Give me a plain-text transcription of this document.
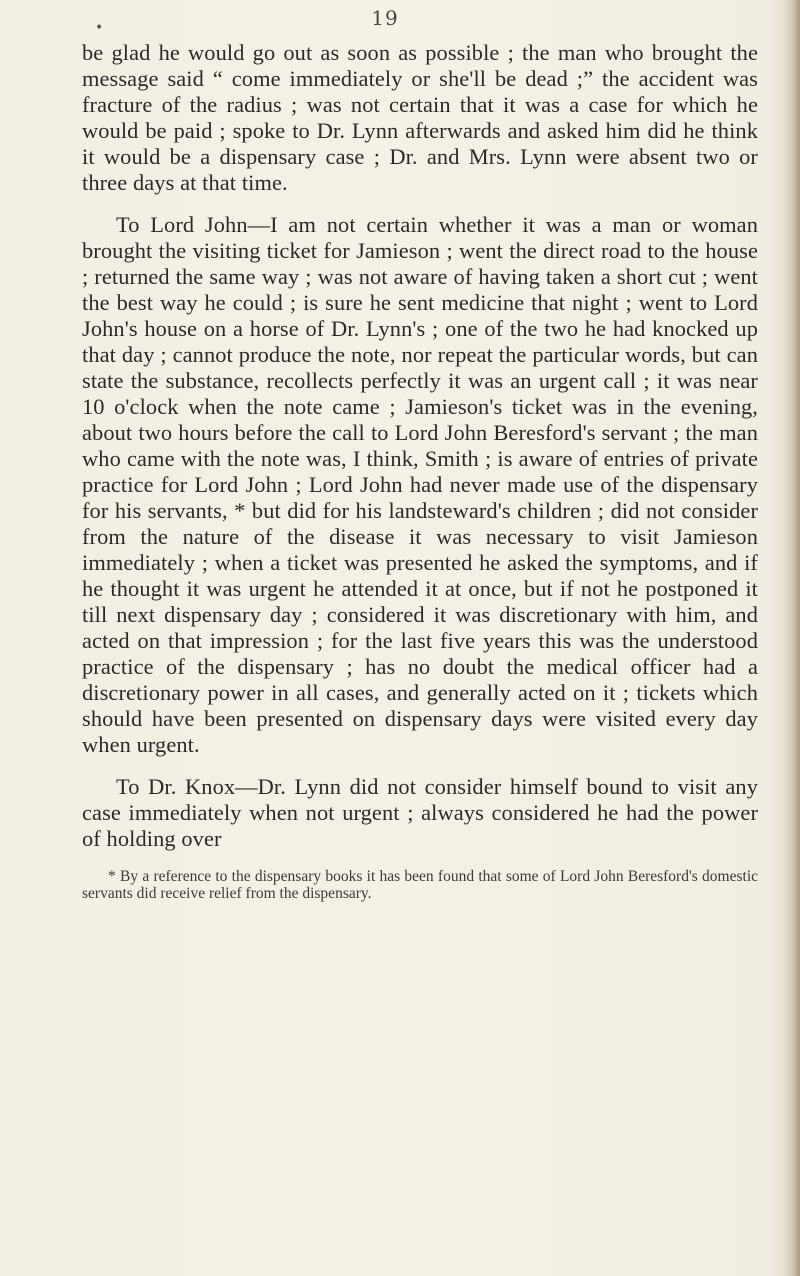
•	19

be glad he would go out as soon as possible ; the man who brought the message said “ come immediately or she'll be dead ;” the accident was fracture of the radius ; was not certain that it was a case for which he would be paid ; spoke to Dr. Lynn afterwards and asked him did he think it would be a dispensary case ; Dr. and Mrs. Lynn were absent two or three days at that time.

To Lord John—I am not certain whether it was a man or woman brought the visiting ticket for Jamieson ; went the direct road to the house ; returned the same way ; was not aware of having taken a short cut ; went the best way he could ; is sure he sent medicine that night ; went to Lord John's house on a horse of Dr. Lynn's ; one of the two he had knocked up that day ; cannot produce the note, nor repeat the particular words, but can state the substance, recollects perfectly it was an urgent call ; it was near 10 o'clock when the note came ; Jamieson's ticket was in the evening, about two hours before the call to Lord John Beresford's servant ; the man who came with the note was, I think, Smith ; is aware of entries of private practice for Lord John ; Lord John had never made use of the dispensary for his servants, * but did for his landsteward's children ; did not consider from the nature of the disease it was necessary to visit Jamieson immediately ; when a ticket was presented he asked the symptoms, and if he thought it was urgent he attended it at once, but if not he postponed it till next dispensary day ; considered it was discretionary with him, and acted on that impression ; for the last five years this was the understood practice of the dispensary ; has no doubt the medical officer had a discretionary power in all cases, and generally acted on it ; tickets which should have been presented on dispensary days were visited every day when urgent.

To Dr. Knox—Dr. Lynn did not consider himself bound to visit any case immediately when not urgent ; always considered he had the power of holding over

* By a reference to the dispensary books it has been found that some of Lord John Beresford's domestic servants did receive relief from the dispensary.
